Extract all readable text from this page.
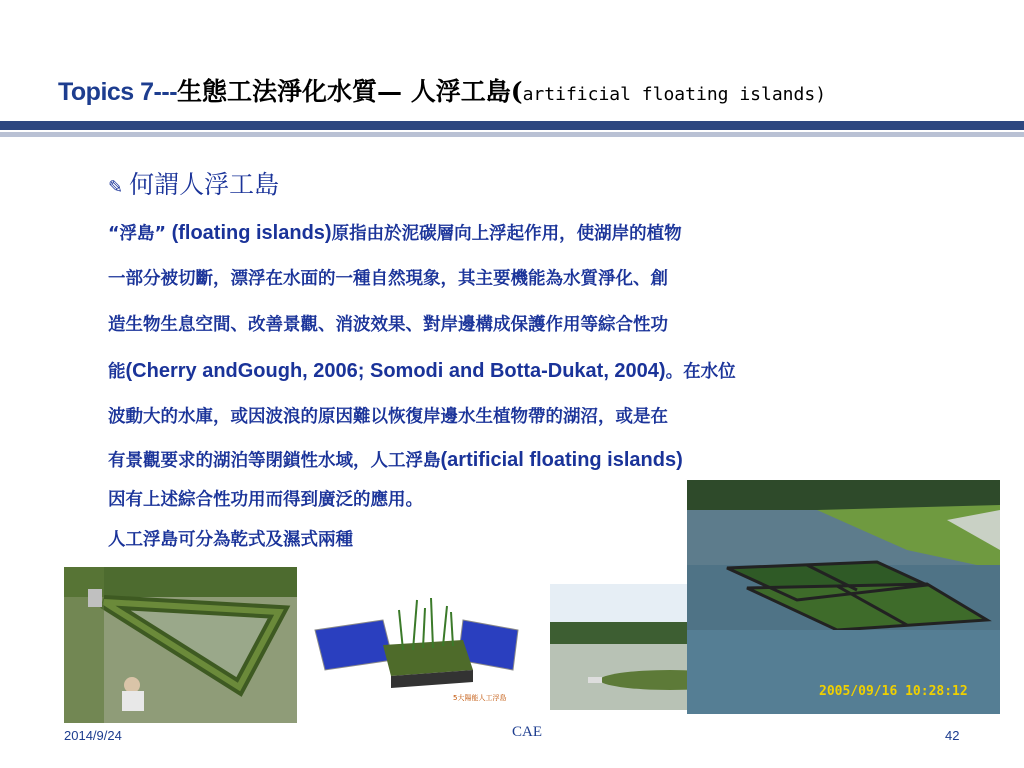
Topics 7---生態工法淨化水質— 人浮工島(artificial floating islands)
✎ 何謂人浮工島
“浮島” (floating islands)原指由於泥碳層向上浮起作用，使湖岸的植物
一部分被切斷，漂浮在水面的一種自然現象，其主要機能為水質淨化、創
造生物生息空間、改善景觀、消波效果、對岸邊構成保護作用等綜合性功
能(Cherry andGough, 2006; Somodi and Botta-Dukat, 2004)。在水位
波動大的水庫，或因波浪的原因難以恢復岸邊水生植物帶的湖沼，或是在
有景觀要求的湖泊等閉鎖性水域，人工浮島(artificial floating islands)
因有上述綜合性功用而得到廣泛的應用。
人工浮島可分為乾式及濕式兩種
5大陽能人工浮島	2005/09/16 10:28:12
2014/9/24	CAE	42
